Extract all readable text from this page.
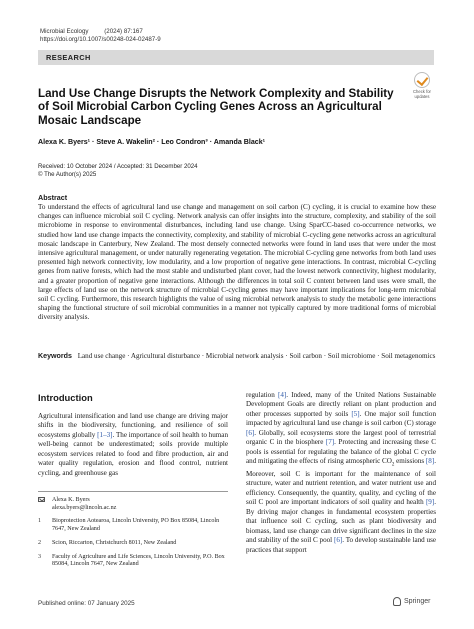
Microbial Ecology	(2024) 87:167
https://doi.org/10.1007/s00248-024-02487-9
RESEARCH
Check for
updates
Land Use Change Disrupts the Network Complexity and Stability of Soil Microbial Carbon Cycling Genes Across an Agricultural Mosaic Landscape
Alexa K. Byers¹ · Steve A. Wakelin² · Leo Condron³ · Amanda Black¹
Received: 10 October 2024 / Accepted: 31 December 2024
© The Author(s) 2025
Abstract
To understand the effects of agricultural land use change and management on soil carbon (C) cycling, it is crucial to examine how these changes can influence microbial soil C cycling. Network analysis can offer insights into the structure, complexity, and stability of the soil microbiome in response to environmental disturbances, including land use change. Using SparCC-based co-occurrence networks, we studied how land use change impacts the connectivity, complexity, and stability of microbial C-cycling gene networks across an agricultural mosaic landscape in Canterbury, New Zealand. The most densely connected networks were found in land uses that were under the most intensive agricultural management, or under naturally regenerating vegetation. The microbial C-cycling gene networks from both land uses presented high network connectivity, low modularity, and a low proportion of negative gene interactions. In contrast, microbial C-cycling genes from native forests, which had the most stable and undisturbed plant cover, had the lowest network connectivity, highest modularity, and a greater proportion of negative gene interactions. Although the differences in total soil C content between land uses were small, the large effects of land use on the network structure of microbial C-cycling genes may have important implications for long-term microbial soil C cycling. Furthermore, this research highlights the value of using microbial network analysis to study the metabolic gene interactions shaping the functional structure of soil microbial communities in a manner not typically captured by more traditional forms of microbial diversity analysis.
Keywords Land use change · Agricultural disturbance · Microbial network analysis · Soil carbon · Soil microbiome · Soil metagenomics
Introduction
Agricultural intensification and land use change are driving major shifts in the biodiversity, functioning, and resilience of soil ecosystems globally [1–3]. The importance of soil health to human well-being cannot be underestimated; soils provide multiple ecosystem services related to food and fibre production, air and water quality regulation, erosion and flood control, nutrient cycling, and greenhouse gas
Alexa K. Byers
alexa.byers@lincoln.ac.nz
1	Bioprotection Aotearoa, Lincoln University, PO Box 85084, Lincoln 7647, New Zealand
2	Scion, Riccarton, Christchurch 8011, New Zealand
3	Faculty of Agriculture and Life Sciences, Lincoln University, P.O. Box 85084, Lincoln 7647, New Zealand
regulation [4]. Indeed, many of the United Nations Sustainable Development Goals are directly reliant on plant production and other processes supported by soils [5]. One major soil function impacted by agricultural land use change is soil carbon (C) storage [6]. Globally, soil ecosystems store the largest pool of terrestrial organic C in the biosphere [7]. Protecting and increasing these C pools is essential for regulating the balance of the global C cycle and mitigating the effects of rising atmospheric $CO_2$ emissions [8]. Moreover, soil C is important for the maintenance of soil structure, water and nutrient retention, and water nutrient use and efficiency. Consequently, the quantity, quality, and cycling of the soil C pool are important indicators of soil quality and health [9]. By driving major changes in fundamental ecosystem properties that influence soil C cycling, such as plant biodiversity and biomass, land use change can drive significant declines in the size and stability of the soil C pool [6]. To develop sustainable land use practices that support
Published online: 07 January 2025	Springer
